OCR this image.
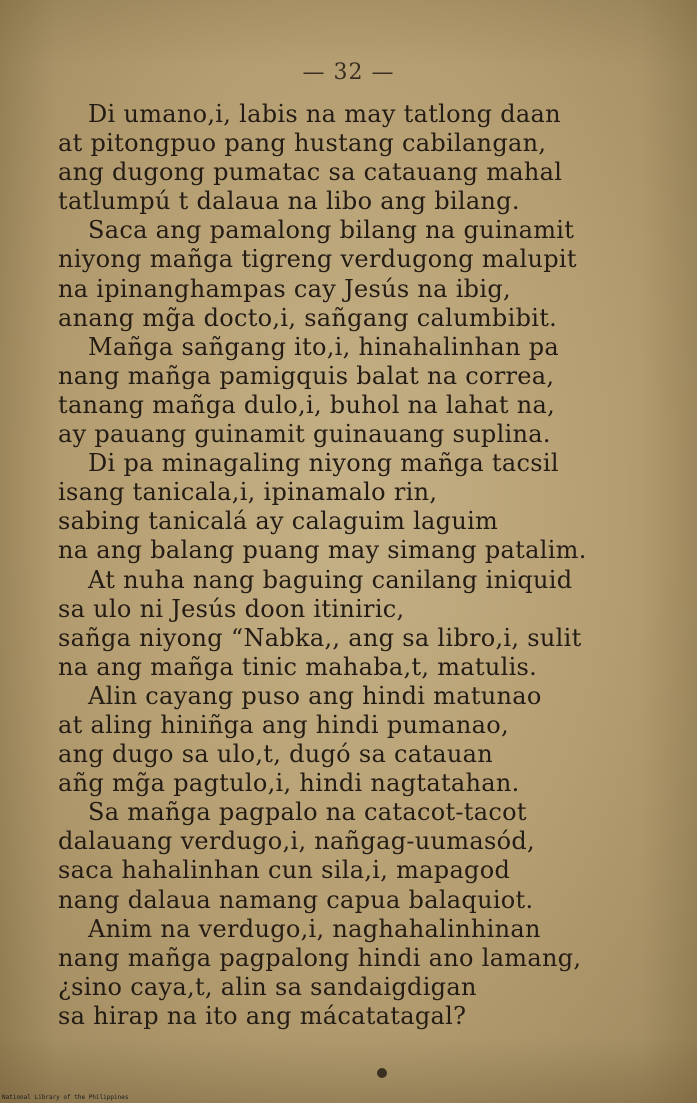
— 32 —
Di umano,i, labis na may tatlong daan
at pitongpuo pang hustang cabilangan,
ang dugong pumatac sa catauang mahal
tatlumpú t dalaua na libo ang bilang.
Saca ang pamalong bilang na guinamit
niyong mañga tigreng verdugong malupit
na ipinanghampas cay Jesús na ibig,
anang mg̃a docto,i, sañgang calumbibit.
Mañga sañgang ito,i, hinahalinhan pa
nang mañga pamigquis balat na correa,
tanang mañga dulo,i, buhol na lahat na,
ay pauang guinamit guinauang suplina.
Di pa minagaling niyong mañga tacsil
isang tanicala,i, ipinamalo rin,
sabing tanicalá ay calaguim laguim
na ang balang puang may simang patalim.
At nuha nang baguing canilang iniquid
sa ulo ni Jesús doon itiniric,
sañga niyong “Nabka,, ang sa libro,i, sulit
na ang mañga tinic mahaba,t, matulis.
Alin cayang puso ang hindi matunao
at aling hiniñga ang hindi pumanao,
ang dugo sa ulo,t, dugó sa catauan
añg mg̃a pagtulo,i, hindi nagtatahan.
Sa mañga pagpalo na catacot-tacot
dalauang verdugo,i, nañgag-uumasód,
saca hahalinhan cun sila,i, mapagod
nang dalaua namang capua balaquiot.
Anim na verdugo,i, naghahalinhinan
nang mañga pagpalong hindi ano lamang,
¿sino caya,t, alin sa sandaigdigan
sa hirap na ito ang mácatatagal?
National Library of the Philippines
